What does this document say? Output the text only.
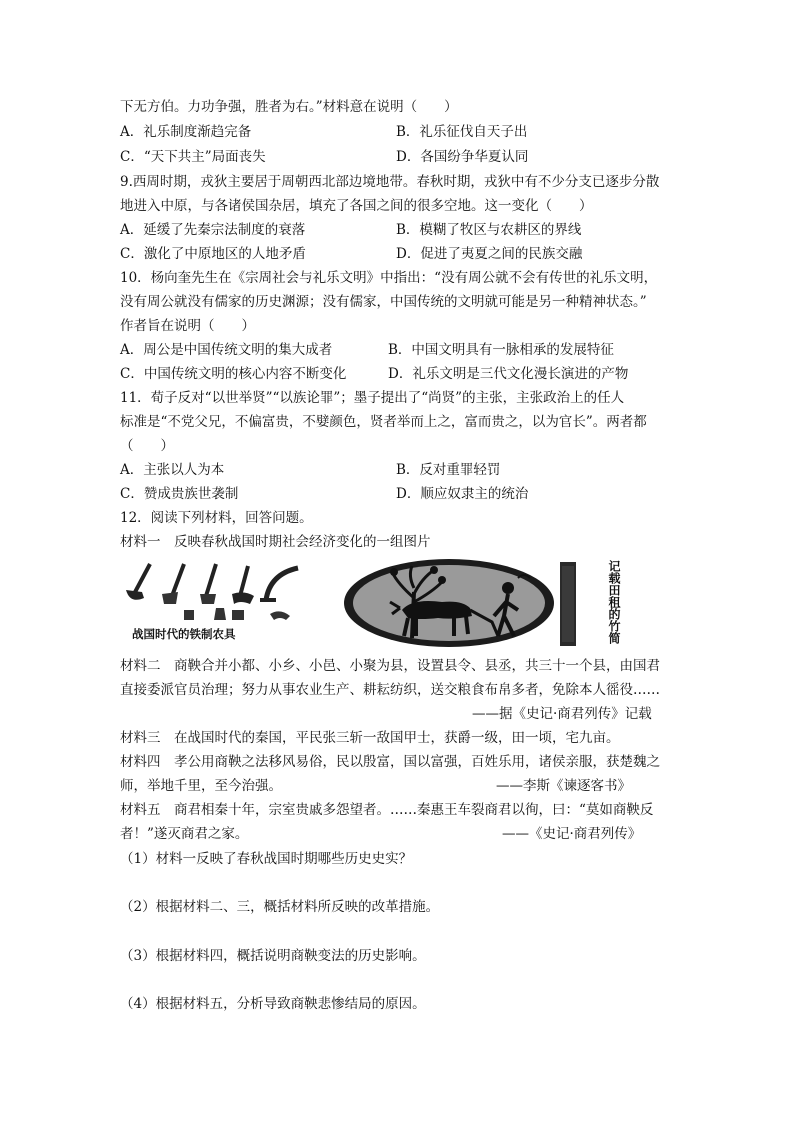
下无方伯。力功争强，胜者为右。”材料意在说明（　　）
A．礼乐制度渐趋完备	B．礼乐征伐自天子出
C．“天下共主”局面丧失	D．各国纷争华夏认同
9.西周时期，戎狄主要居于周朝西北部边境地带。春秋时期，戎狄中有不少分支已逐步分散
地进入中原，与各诸侯国杂居，填充了各国之间的很多空地。这一变化（　　）
A．延缓了先秦宗法制度的衰落	B．模糊了牧区与农耕区的界线
C．激化了中原地区的人地矛盾	D．促进了夷夏之间的民族交融
10．杨向奎先生在《宗周社会与礼乐文明》中指出：“没有周公就不会有传世的礼乐文明，
没有周公就没有儒家的历史渊源；没有儒家，中国传统的文明就可能是另一种精神状态。”
作者旨在说明（　　）
A．周公是中国传统文明的集大成者	B．中国文明具有一脉相承的发展特征
C．中国传统文明的核心内容不断变化	D．礼乐文明是三代文化漫长演进的产物
11．荀子反对“以世举贤”“以族论罪”；墨子提出了“尚贤”的主张，主张政治上的任人
标准是“不党父兄，不偏富贵，不嬖颜色，贤者举而上之，富而贵之，以为官长”。两者都
（　　）
A．主张以人为本	B．反对重罪轻罚
C．赞成贵族世袭制	D．顺应奴隶主的统治
12．阅读下列材料，回答问题。
材料一　反映春秋战国时期社会经济变化的一组图片
战国时代的铁制农具	记载田租的竹简
材料二　商鞅合并小都、小乡、小邑、小聚为县，设置县令、县丞，共三十一个县，由国君
直接委派官员治理；努力从事农业生产、耕耘纺织，送交粮食布帛多者，免除本人徭役……
——据《史记·商君列传》记载
材料三　在战国时代的秦国，平民张三斩一敌国甲士，获爵一级，田一顷，宅九亩。
材料四　孝公用商鞅之法移风易俗，民以殷富，国以富强，百姓乐用，诸侯亲服，获楚魏之
师，举地千里，至今治强。	——李斯《谏逐客书》
材料五　商君相秦十年，宗室贵戚多怨望者。……秦惠王车裂商君以徇，曰：“莫如商鞅反
者！”遂灭商君之家。	——《史记·商君列传》
（1）材料一反映了春秋战国时期哪些历史史实？
（2）根据材料二、三，概括材料所反映的改革措施。
（3）根据材料四，概括说明商鞅变法的历史影响。
（4）根据材料五，分析导致商鞅悲惨结局的原因。
